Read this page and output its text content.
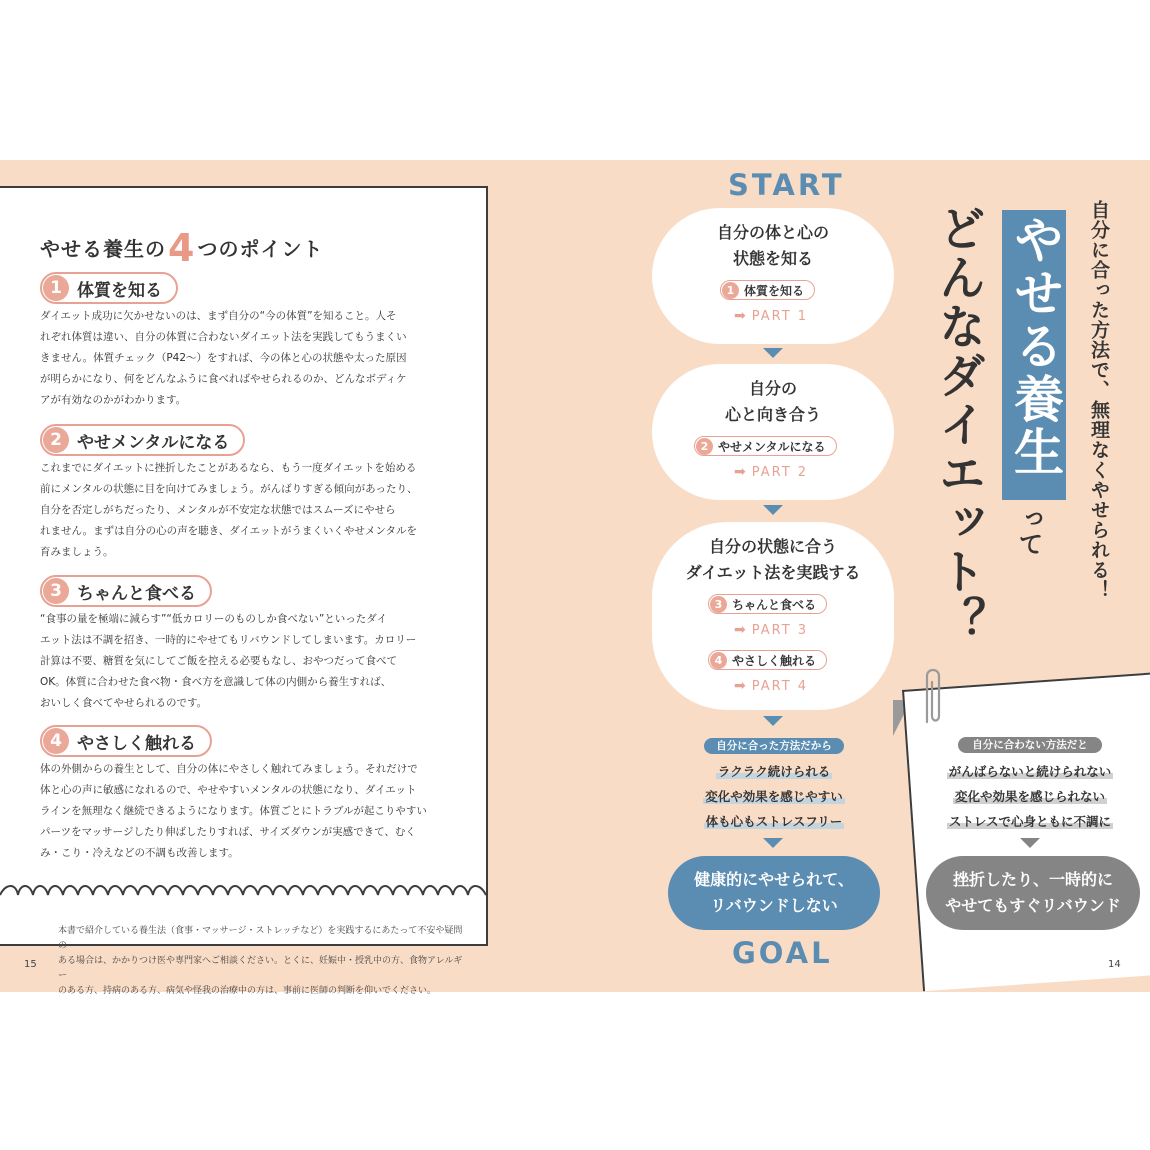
やせる養生の4 つのポイント
1 体質を知る
ダイエット成功に欠かせないのは、まず自分の“今の体質”を知ること。人そ
れぞれ体質は違い、自分の体質に合わないダイエット法を実践してもうまくい
きません。体質チェック（P42〜）をすれば、今の体と心の状態や太った原因
が明らかになり、何をどんなふうに食べればやせられるのか、どんなボディケ
アが有効なのかがわかります。
2 やせメンタルになる
これまでにダイエットに挫折したことがあるなら、もう一度ダイエットを始める
前にメンタルの状態に目を向けてみましょう。がんばりすぎる傾向があったり、
自分を否定しがちだったり、メンタルが不安定な状態ではスムーズにやせら
れません。まずは自分の心の声を聴き、ダイエットがうまくいくやせメンタルを
育みましょう。
3 ちゃんと食べる
“食事の量を極端に減らす”“低カロリーのものしか食べない”といったダイ
エット法は不調を招き、一時的にやせてもリバウンドしてしまいます。カロリー
計算は不要、糖質を気にしてご飯を控える必要もなし、おやつだって食べて
OK。体質に合わせた食べ物・食べ方を意識して体の内側から養生すれば、
おいしく食べてやせられるのです。
4 やさしく触れる
体の外側からの養生として、自分の体にやさしく触れてみましょう。それだけで
体と心の声に敏感になれるので、やせやすいメンタルの状態になり、ダイエット
ラインを無理なく継続できるようになります。体質ごとにトラブルが起こりやすい
パーツをマッサージしたり伸ばしたりすれば、サイズダウンが実感できて、むく
み・こり・冷えなどの不調も改善します。
本書で紹介している養生法（食事・マッサージ・ストレッチなど）を実践するにあたって不安や疑問の
ある場合は、かかりつけ医や専門家へご相談ください。とくに、妊娠中・授乳中の方、食物アレルギー
のある方、持病のある方、病気や怪我の治療中の方は、事前に医師の判断を仰いでください。
15
START
自分の体と心の
状態を知る
1 体質を知る
➡ PART 1
自分の
心と向き合う
2 やせメンタルになる
➡ PART 2
自分の状態に合う
ダイエット法を実践する
3 ちゃんと食べる
➡ PART 3
4 やさしく触れる
➡ PART 4
自分に合った方法だから
ラクラク続けられる
変化や効果を感じやすい
体も心もストレスフリー
健康的にやせられて、
リバウンドしない
GOAL
自分に合わない方法だと
がんばらないと続けられない
変化や効果を感じられない
ストレスで心身ともに不調に
挫折したり、一時的に
やせてもすぐリバウンド
14
自分に合った方法で、無理なくやせられる！
やせる養生
って
どんなダイエット？
